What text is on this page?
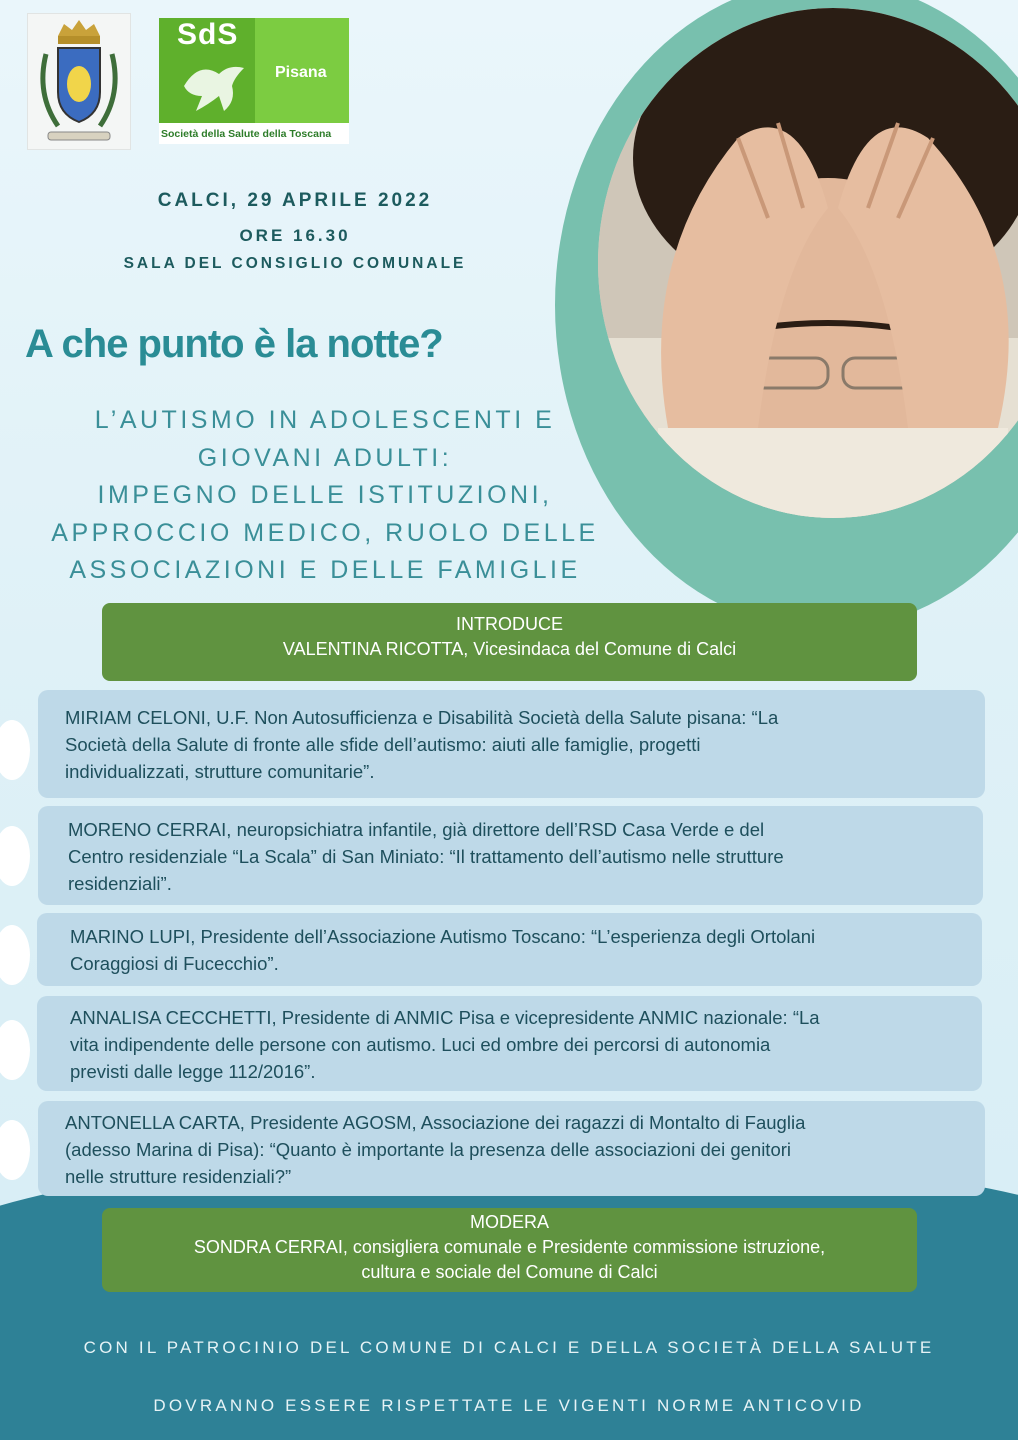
SdS
Pisana
Società della Salute della Toscana
CALCI, 29 APRILE 2022
ORE 16.30
SALA DEL CONSIGLIO COMUNALE
A che punto è la notte?
L’AUTISMO IN ADOLESCENTI E
GIOVANI ADULTI:
IMPEGNO DELLE ISTITUZIONI,
APPROCCIO MEDICO, RUOLO DELLE
ASSOCIAZIONI E DELLE FAMIGLIE
INTRODUCE
VALENTINA RICOTTA, Vicesindaca del Comune di Calci
MIRIAM CELONI, U.F. Non Autosufficienza e Disabilità Società della Salute pisana: “La
Società della Salute di fronte alle sfide dell’autismo: aiuti alle famiglie, progetti
individualizzati, strutture comunitarie”.
MORENO CERRAI, neuropsichiatra infantile, già direttore dell’RSD Casa Verde e del
Centro residenziale “La Scala” di San Miniato: “Il trattamento dell’autismo nelle strutture
residenziali”.
MARINO LUPI, Presidente dell’Associazione Autismo Toscano: “L’esperienza degli Ortolani
Coraggiosi di Fucecchio”.
ANNALISA CECCHETTI, Presidente di ANMIC Pisa e vicepresidente ANMIC nazionale: “La
vita indipendente delle persone con autismo. Luci ed ombre dei percorsi di autonomia
previsti dalle legge 112/2016”.
ANTONELLA CARTA, Presidente AGOSM, Associazione dei ragazzi di Montalto di Fauglia
(adesso Marina di Pisa): “Quanto è importante la presenza delle associazioni dei genitori
nelle strutture residenziali?”
MODERA
SONDRA CERRAI, consigliera comunale e Presidente commissione istruzione,
cultura e sociale del Comune di Calci
CON IL PATROCINIO DEL COMUNE DI CALCI E DELLA SOCIETÀ DELLA SALUTE
DOVRANNO ESSERE RISPETTATE LE VIGENTI NORME ANTICOVID
